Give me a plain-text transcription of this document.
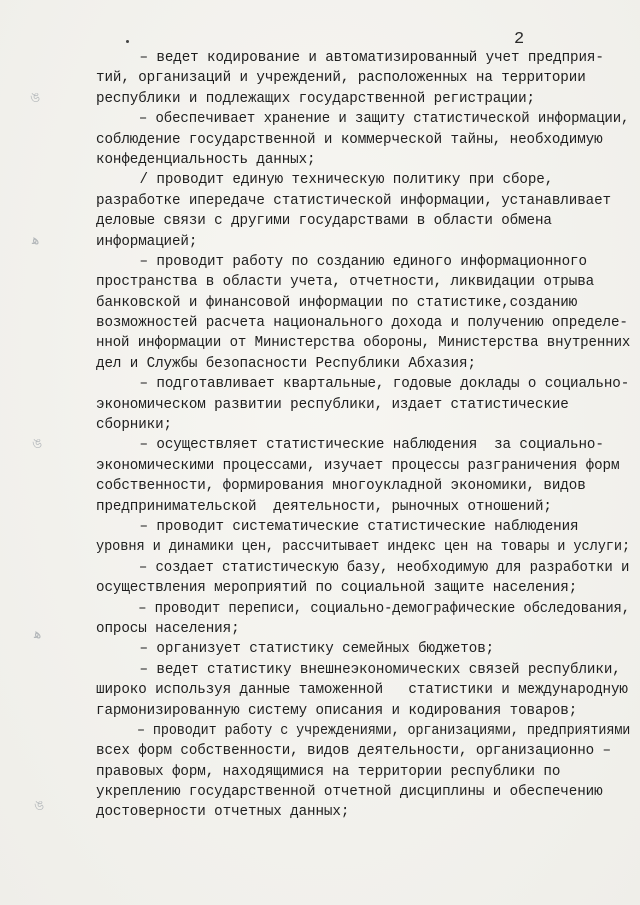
2
ঙ
ﻫ
ঙ
ﻫ
ঙ
– ведет кодирование и автоматизированный учет предприя-
тий, организаций и учреждений, расположенных на территории
республики и подлежащих государственной регистрации;
– обеспечивает хранение и защиту статистической информации,
соблюдение государственной и коммерческой тайны, необходимую
конфеденциальность данных;
/ проводит единую техническую политику при сборе,
разработке ипередаче статистической информации, устанавливает
деловые связи с другими государствами в области обмена
информацией;
– проводит работу по созданию единого информационного
пространства в области учета, отчетности, ликвидации отрыва
банковской и финансовой информации по статистике,созданию
возможностей расчета национального дохода и получению определе-
нной информации от Министерства обороны, Министерства внутренних
дел и Службы безопасности Республики Абхазия;
– подготавливает квартальные, годовые доклады о социально-
экономическом развитии республики, издает статистические
сборники;
– осуществляет статистические наблюдения  за социально-
экономическими процессами, изучает процессы разграничения форм
собственности, формирования многоукладной экономики, видов
предпринимательской  деятельности, рыночных отношений;
– проводит систематические статистические наблюдения
уровня и динамики цен, рассчитывает индекс цен на товары и услуги;
– создает статистическую базу, необходимую для разработки и
осуществления мероприятий по социальной защите населения;
– проводит переписи, социально-демографические обследования,
опросы населения;
– организует статистику семейных бюджетов;
– ведет статистику внешнеэкономических связей республики,
широко используя данные таможенной   статистики и международную
гармонизированную систему описания и кодирования товаров;
– проводит работу с учреждениями, организациями, предприятиями
всех форм собственности, видов деятельности, организационно –
правовых форм, находящимися на территории республики по
укреплению государственной отчетной дисциплины и обеспечению
достоверности отчетных данных;
